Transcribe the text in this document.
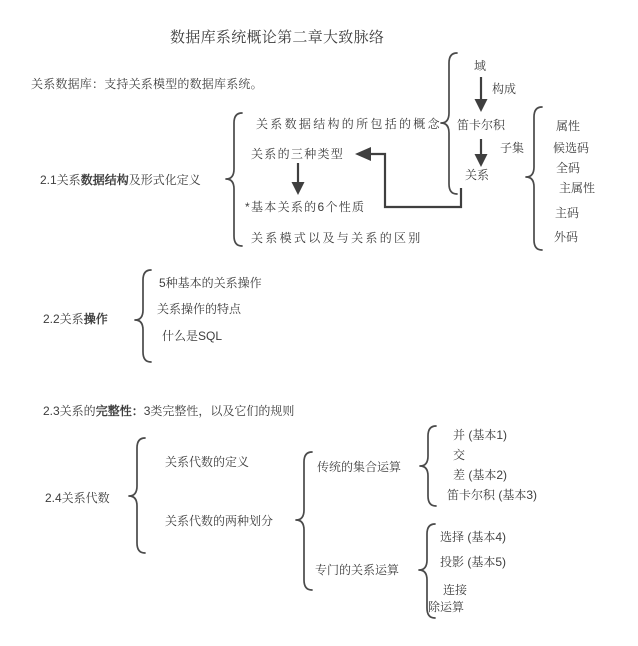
数据库系统概论第二章大致脉络
关系数据库：支持关系模型的数据库系统。
2.1关系数据结构及形式化定义
关系数据结构的所包括的概念
关系的三种类型
*基本关系的6个性质
关系模式以及与关系的区别
域
构成
笛卡尔积
子集
关系
属性
候选码
全码
主属性
主码
外码
2.2关系操作
5种基本的关系操作
关系操作的特点
什么是SQL
2.3关系的完整性：3类完整性，以及它们的规则
2.4关系代数
关系代数的定义
关系代数的两种划分
传统的集合运算
并 (基本1)
交
差 (基本2)
笛卡尔积 (基本3)
专门的关系运算
选择 (基本4)
投影 (基本5)
连接
除运算
